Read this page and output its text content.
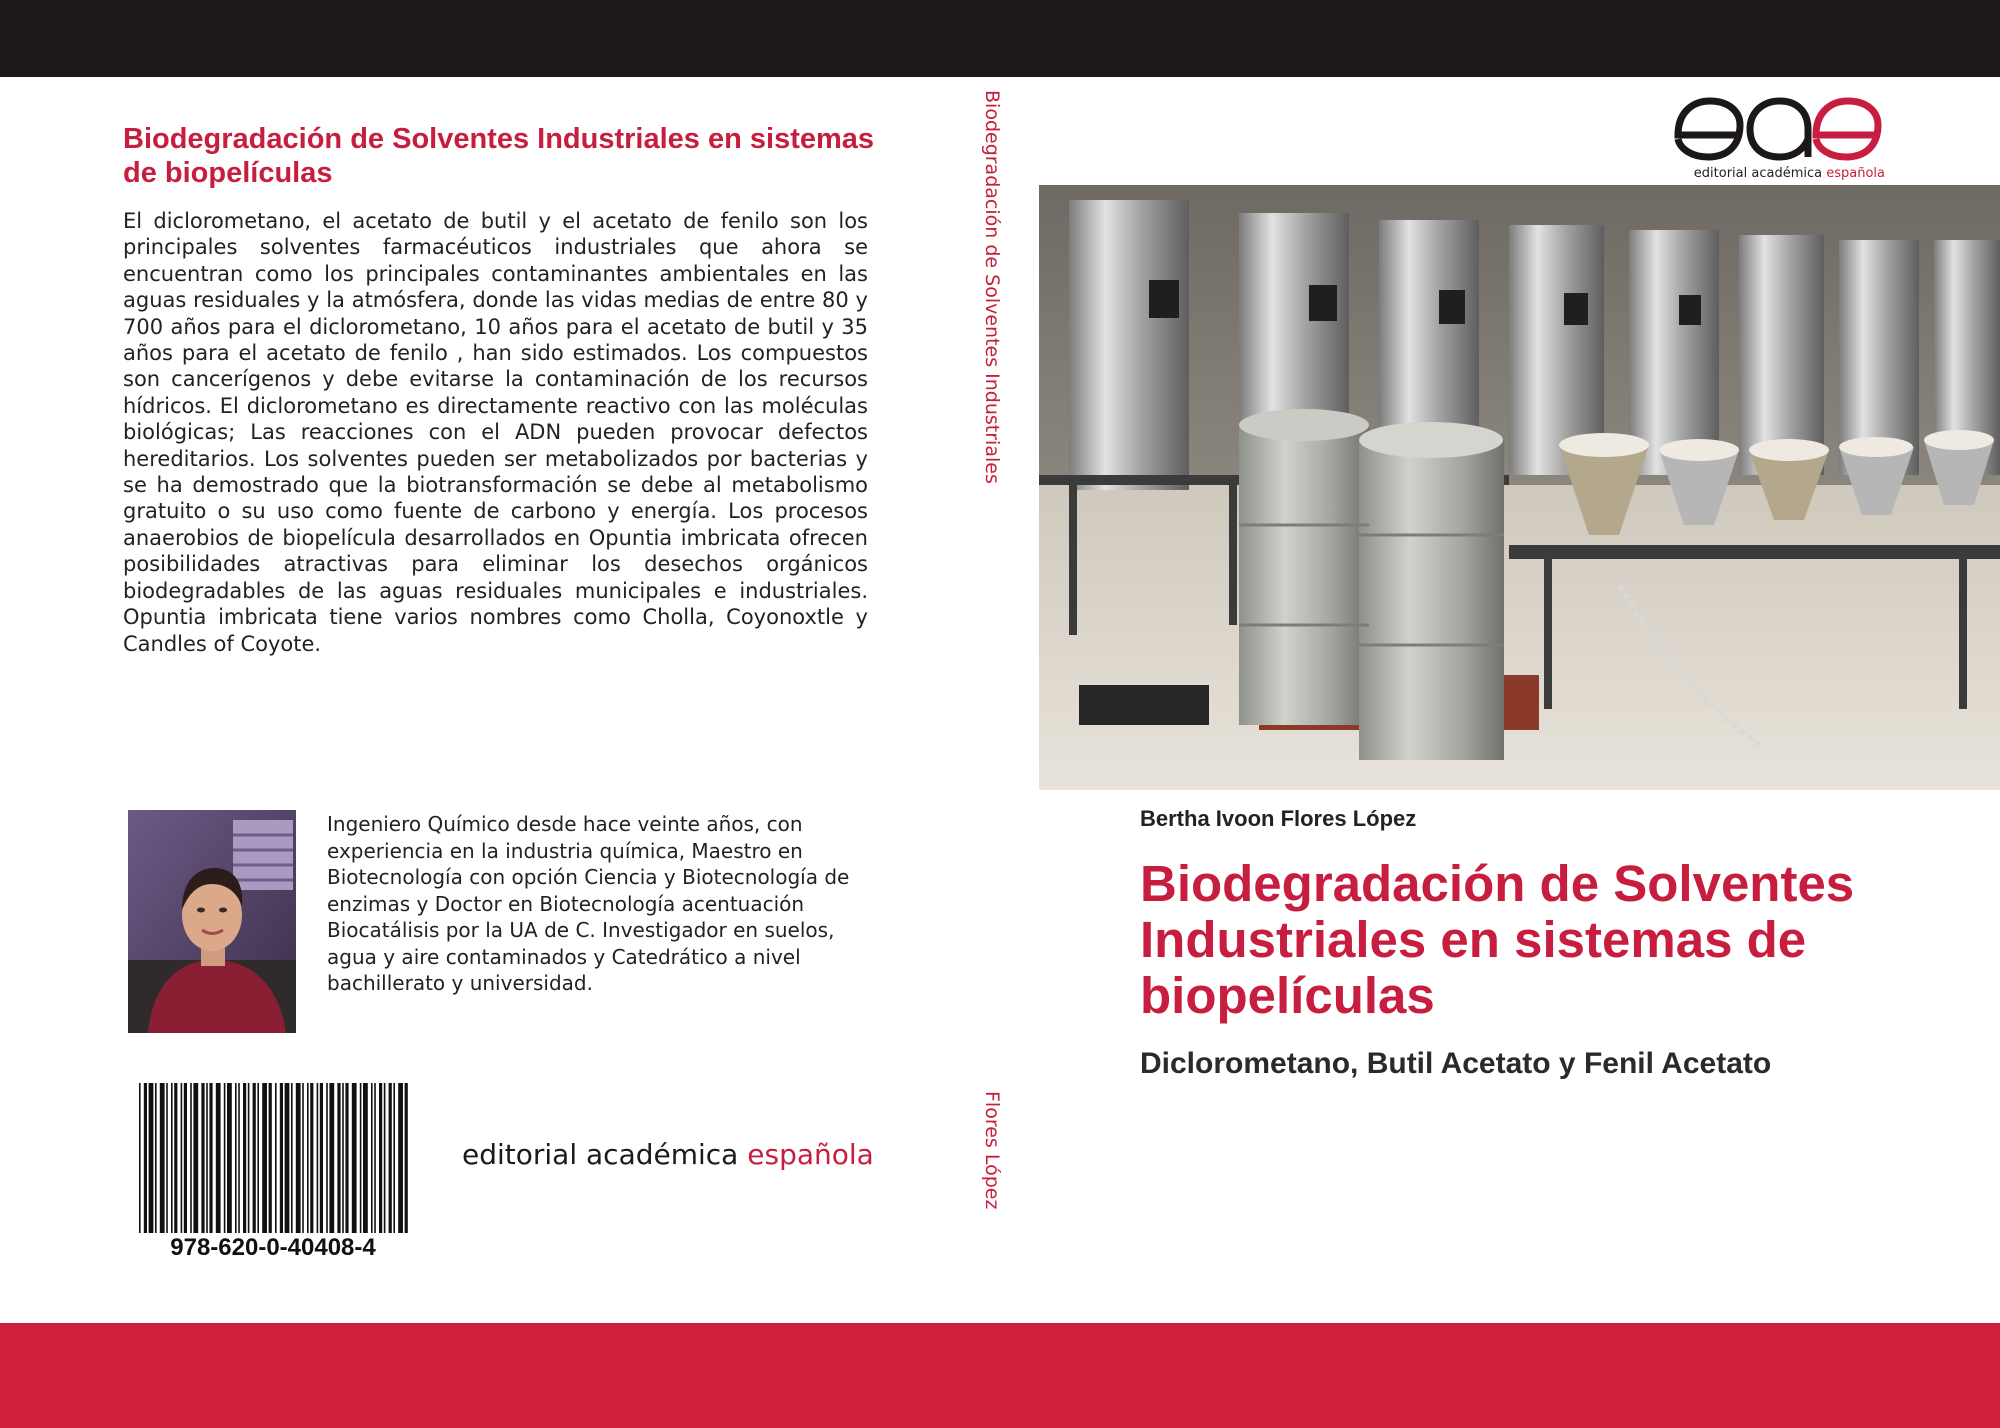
Biodegradación de Solventes Industriales en sistemas de biopelículas

El diclorometano, el acetato de butil y el acetato de fenilo son los principales solventes farmacéuticos industriales que ahora se encuentran como los principales contaminantes ambientales en las aguas residuales y la atmósfera, donde las vidas medias de entre 80 y 700 años para el diclorometano, 10 años para el acetato de butil y 35 años para el acetato de fenilo , han sido estimados. Los compuestos son cancerígenos y debe evitarse la contaminación de los recursos hídricos. El diclorometano es directamente reactivo con las moléculas biológicas; Las reacciones con el ADN pueden provocar defectos hereditarios. Los solventes pueden ser metabolizados por bacterias y se ha demostrado que la biotransformación se debe al metabolismo gratuito o su uso como fuente de carbono y energía. Los procesos anaerobios de biopelícula desarrollados en Opuntia imbricata ofrecen posibilidades atractivas para eliminar los desechos orgánicos biodegradables de las aguas residuales municipales e industriales. Opuntia imbricata tiene varios nombres como Cholla, Coyonoxtle y Candles of Coyote.

Ingeniero Químico desde hace veinte años, con experiencia en la industria química, Maestro en Biotecnología con opción Ciencia y Biotecnología de enzimas y Doctor en Biotecnología acentuación Biocatálisis por la UA de C. Investigador en suelos, agua y aire contaminados y Catedrático a nivel bachillerato y universidad.

978-620-0-40408-4
editorial académica española
Biodegradación de Solventes Industriales
Flores López
editorial académica española
Bertha Ivoon Flores López
Biodegradación de Solventes Industriales en sistemas de biopelículas
Diclorometano, Butil Acetato y Fenil Acetato
